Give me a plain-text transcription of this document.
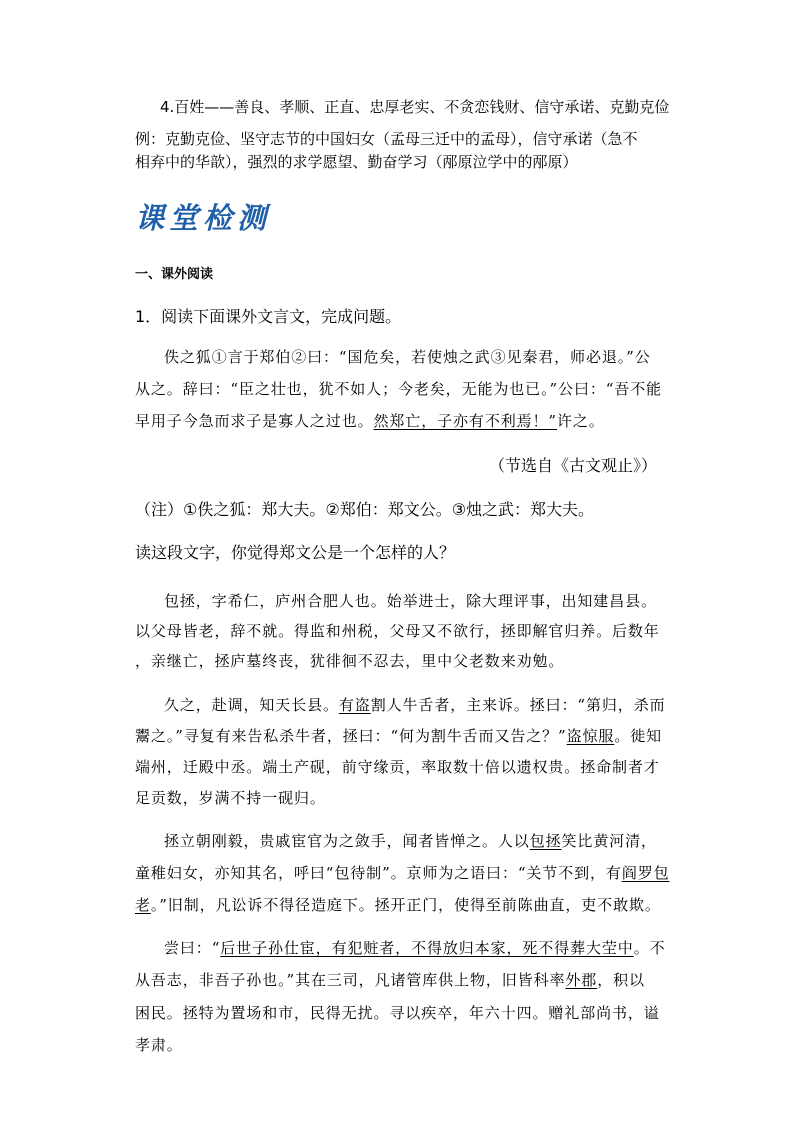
4.百姓——善良、孝顺、正直、忠厚老实、不贪恋钱财、信守承诺、克勤克俭
例：克勤克俭、坚守志节的中国妇女（孟母三迁中的孟母），信守承诺（急不
相弃中的华歆），强烈的求学愿望、勤奋学习（邴原泣学中的邴原）
课堂检测
一、课外阅读
1．阅读下面课外文言文，完成问题。
佚之狐①言于郑伯②曰：“国危矣，若使烛之武③见秦君，师必退。”公
从之。辞曰：“臣之壮也，犹不如人；今老矣，无能为也已。”公曰：“吾不能
早用子今急而求子是寡人之过也。然郑亡，子亦有不利焉！”许之。
（节选自《古文观止》）
（注）①佚之狐：郑大夫。②郑伯：郑文公。③烛之武：郑大夫。
读这段文字，你觉得郑文公是一个怎样的人？
包拯，字希仁，庐州合肥人也。始举进士，除大理评事，出知建昌县。
以父母皆老，辞不就。得监和州税，父母又不欲行，拯即解官归养。后数年
，亲继亡，拯庐墓终丧，犹徘徊不忍去，里中父老数来劝勉。
久之，赴调，知天长县。有盗割人牛舌者，主来诉。拯曰：“第归，杀而
鬻之。”寻复有来告私杀牛者，拯曰：“何为割牛舌而又告之？”盗惊服。徙知
端州，迁殿中丞。端土产砚，前守缘贡，率取数十倍以遗权贵。拯命制者才
足贡数，岁满不持一砚归。
拯立朝刚毅，贵戚宦官为之敛手，闻者皆惮之。人以包拯笑比黄河清，
童稚妇女，亦知其名，呼曰“包待制”。京师为之语曰：“关节不到，有阎罗包
老。”旧制，凡讼诉不得径造庭下。拯开正门，使得至前陈曲直，吏不敢欺。
尝曰：“后世子孙仕宦，有犯赃者，不得放归本家，死不得葬大茔中。不
从吾志，非吾子孙也。”其在三司，凡诸管库供上物，旧皆科率外郡，积以
困民。拯特为置场和市，民得无扰。寻以疾卒，年六十四。赠礼部尚书，谥
孝肃。
